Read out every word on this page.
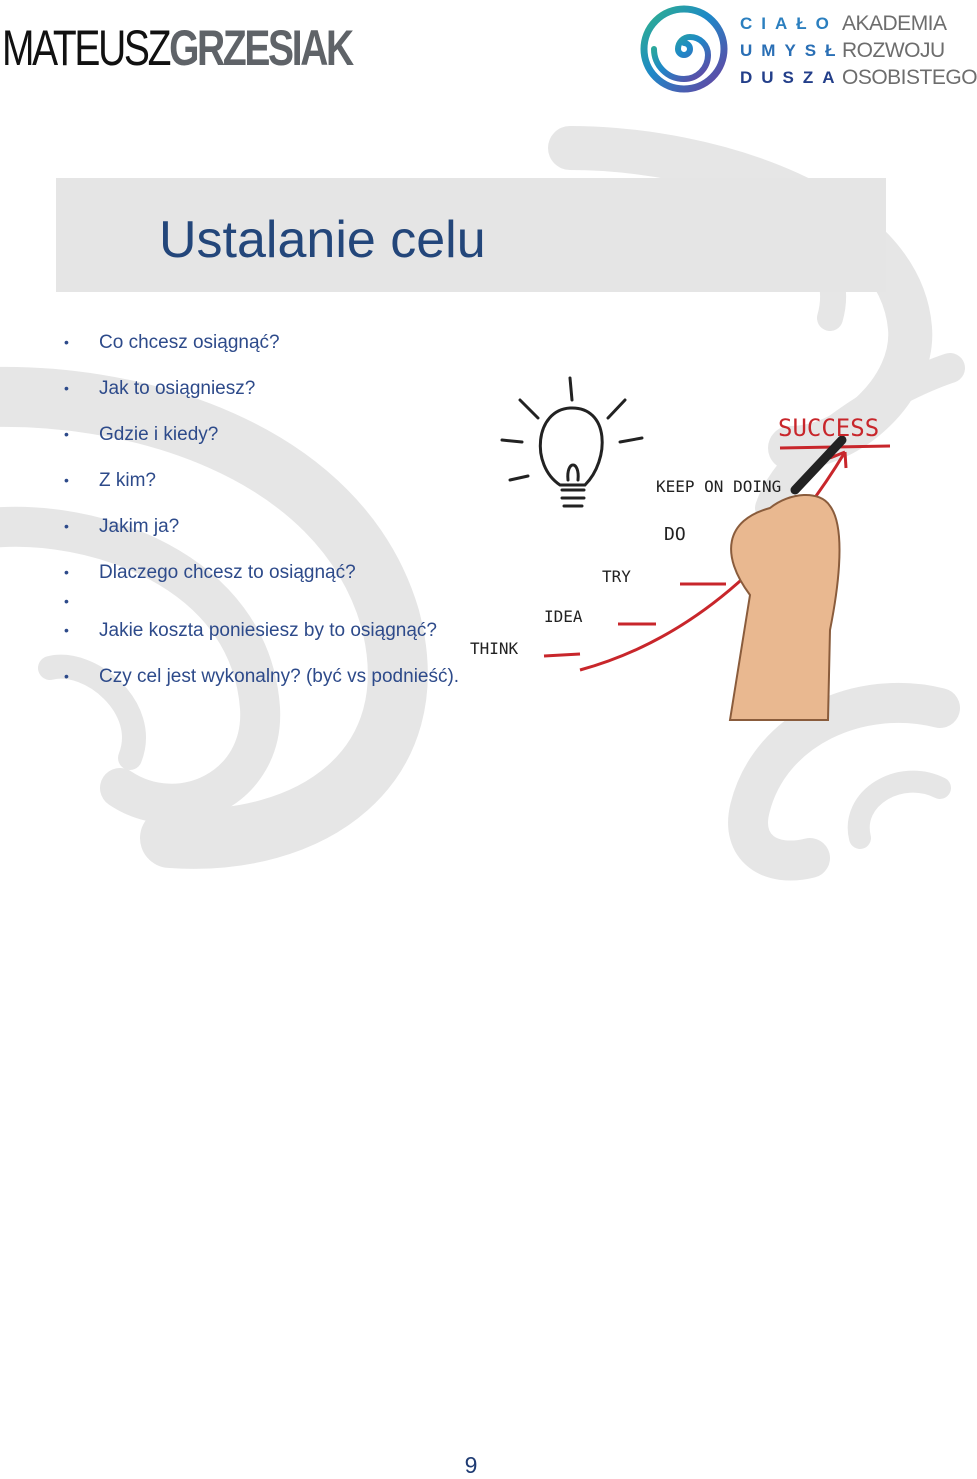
MATEUSZGRZESIAK	CIAŁO
UMYSŁ
DUSZA
AKADEMIA
ROZWOJU
OSOBISTEGO
Ustalanie celu
• Co chcesz osiągnąć?
• Jak to osiągniesz?
• Gdzie i kiedy?
• Z kim?
• Jakim ja?
• Dlaczego chcesz to osiągnąć?
•
• Jakie koszta poniesiesz by to osiągnąć?
• Czy cel jest wykonalny? (być vs podnieść).
THINK
IDEA
TRY
DO
KEEP ON DOING
SUCCESS
9
